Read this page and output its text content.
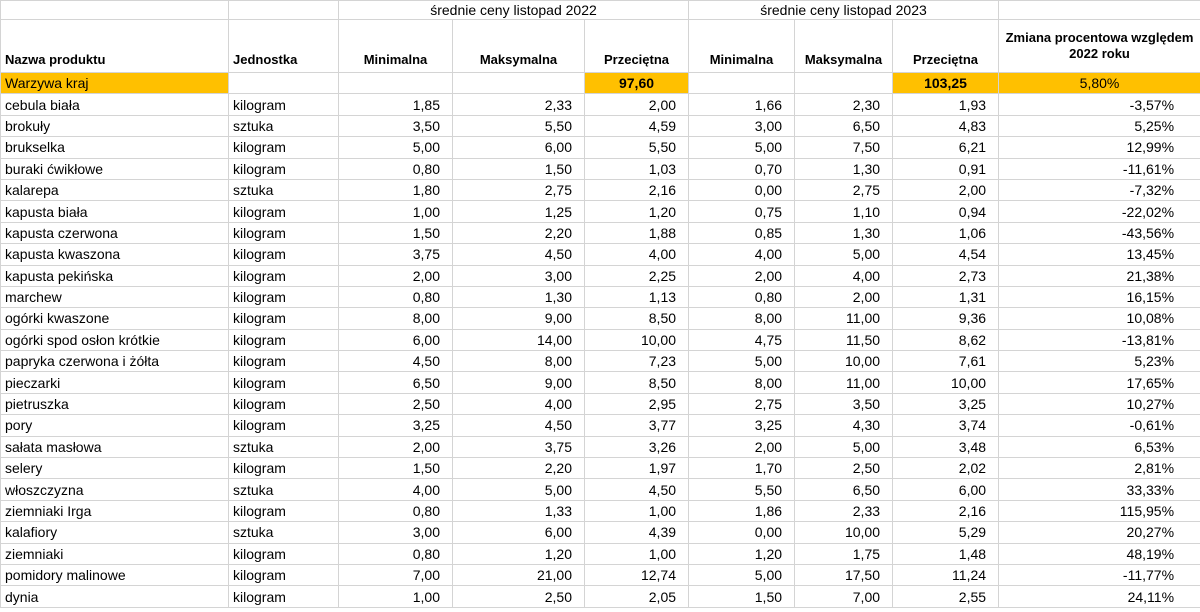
		średnie ceny listopad 2022			średnie ceny listopad 2023			
Nazwa produktu	Jednostka	Minimalna	Maksymalna	Przeciętna	Minimalna	Maksymalna	Przeciętna	Zmiana procentowa względem 2022 roku
Warzywa kraj				97,60			103,25	5,80%
cebula biała	kilogram	1,85	2,33	2,00	1,66	2,30	1,93	-3,57%
brokuły	sztuka	3,50	5,50	4,59	3,00	6,50	4,83	5,25%
brukselka	kilogram	5,00	6,00	5,50	5,00	7,50	6,21	12,99%
buraki ćwikłowe	kilogram	0,80	1,50	1,03	0,70	1,30	0,91	-11,61%
kalarepa	sztuka	1,80	2,75	2,16	0,00	2,75	2,00	-7,32%
kapusta biała	kilogram	1,00	1,25	1,20	0,75	1,10	0,94	-22,02%
kapusta czerwona	kilogram	1,50	2,20	1,88	0,85	1,30	1,06	-43,56%
kapusta kwaszona	kilogram	3,75	4,50	4,00	4,00	5,00	4,54	13,45%
kapusta pekińska	kilogram	2,00	3,00	2,25	2,00	4,00	2,73	21,38%
marchew	kilogram	0,80	1,30	1,13	0,80	2,00	1,31	16,15%
ogórki kwaszone	kilogram	8,00	9,00	8,50	8,00	11,00	9,36	10,08%
ogórki spod osłon krótkie	kilogram	6,00	14,00	10,00	4,75	11,50	8,62	-13,81%
papryka czerwona i żółta	kilogram	4,50	8,00	7,23	5,00	10,00	7,61	5,23%
pieczarki	kilogram	6,50	9,00	8,50	8,00	11,00	10,00	17,65%
pietruszka	kilogram	2,50	4,00	2,95	2,75	3,50	3,25	10,27%
pory	kilogram	3,25	4,50	3,77	3,25	4,30	3,74	-0,61%
sałata masłowa	sztuka	2,00	3,75	3,26	2,00	5,00	3,48	6,53%
selery	kilogram	1,50	2,20	1,97	1,70	2,50	2,02	2,81%
włoszczyzna	sztuka	4,00	5,00	4,50	5,50	6,50	6,00	33,33%
ziemniaki Irga	kilogram	0,80	1,33	1,00	1,86	2,33	2,16	115,95%
kalafiory	sztuka	3,00	6,00	4,39	0,00	10,00	5,29	20,27%
ziemniaki	kilogram	0,80	1,20	1,00	1,20	1,75	1,48	48,19%
pomidory malinowe	kilogram	7,00	21,00	12,74	5,00	17,50	11,24	-11,77%
dynia	kilogram	1,00	2,50	2,05	1,50	7,00	2,55	24,11%
